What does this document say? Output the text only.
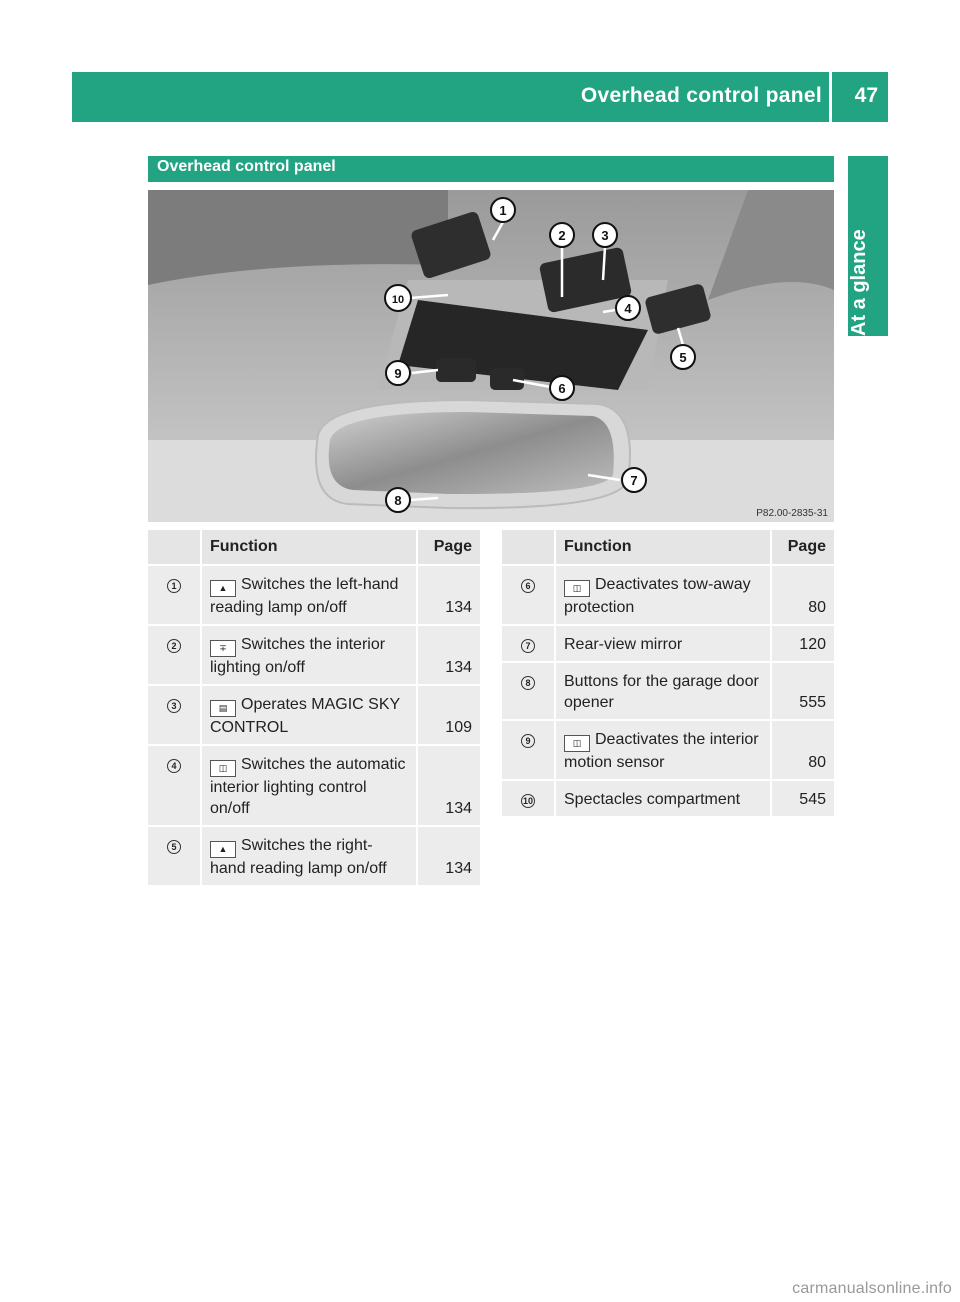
Overhead control panel 47
At a glance
Overhead control panel
1
2	3
4
5
6
7
8
9
10
P82.00-2835-31
	Function	Page
1	▲ Switches the left-hand reading lamp on/off	134
2	∓ Switches the interior lighting on/off	134
3	▤ Operates MAGIC SKY CONTROL	109
4	◫ Switches the automatic interior lighting control on/off	134
5	▲ Switches the right-hand reading lamp on/off	134
	Function	Page
6	◫ Deactivates tow-away protection	80
7	Rear-view mirror	120
8	Buttons for the garage door opener	555
9	◫ Deactivates the interior motion sensor	80
10	Spectacles compartment	545
carmanualsonline.info
